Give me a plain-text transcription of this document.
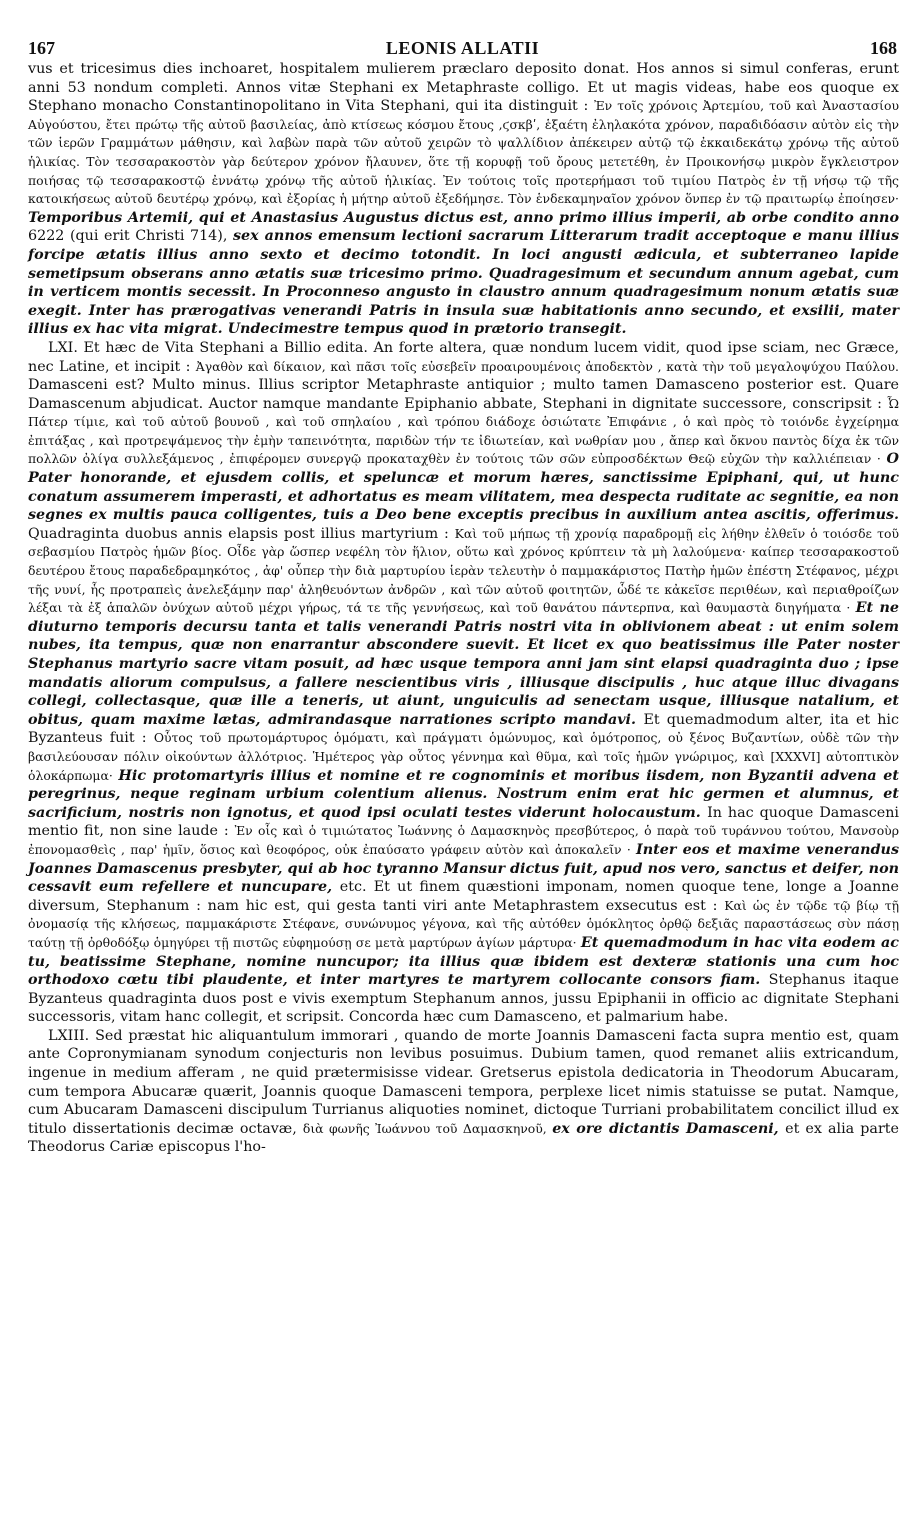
167	LEONIS ALLATII	168

vus et tricesimus dies inchoaret, hospitalem mulierem præclaro deposito donat. Hos annos si simul conferas, erunt anni 53 nondum completi. Annos vitæ Stephani ex Metaphraste colligo. Et ut magis videas, habe eos quoque ex Stephano monacho Constantinopolitano in Vita Stephani, qui ita distinguit : Ἐν τοῖς χρόνοις Ἀρτεμίου, τοῦ καὶ Ἀναστασίου Αὐγούστου, ἔτει πρώτῳ τῆς αὐτοῦ βασιλείας, ἀπὸ κτίσεως κόσμου ἔτους ,ϛσκβʹ, ἑξαέτη ἐληλακότα χρόνον, παραδιδόασιν αὐτὸν εἰς τὴν τῶν ἱερῶν Γραμμάτων μάθησιν, καὶ λαβὼν παρὰ τῶν αὐτοῦ χειρῶν τὸ ψαλλίδιον ἀπέκειρεν αὐτῷ τῷ ἐκκαιδεκάτῳ χρόνῳ τῆς αὐτοῦ ἡλικίας. Τὸν τεσσαρακοστὸν γὰρ δεύτερον χρόνον ἤλαυνεν, ὅτε τῇ κορυφῇ τοῦ ὄρους μετετέθη, ἐν Προικονήσῳ μικρὸν ἔγκλειστρον ποιήσας τῷ τεσσαρακοστῷ ἐννάτῳ χρόνῳ τῆς αὐτοῦ ἡλικίας. Ἐν τούτοις τοῖς προτερήμασι τοῦ τιμίου Πατρὸς ἐν τῇ νήσῳ τῷ τῆς κατοικήσεως αὐτοῦ δευτέρῳ χρόνῳ, καὶ ἐξορίας ἡ μήτηρ αὐτοῦ ἐξεδήμησε. Τὸν ἑνδεκαμηναῖον χρόνον ὅνπερ ἐν τῷ πραιτωρίῳ ἐποίησεν· Temporibus Artemii, qui et Anastasius Augustus dictus est, anno primo illius imperii, ab orbe condito anno 6222 (qui erit Christi 714), sex annos emensum lectioni sacrarum Litterarum tradit acceptoque e manu illius forcipe ætatis illius anno sexto et decimo totondit. In loci angusti ædicula, et subterraneo lapide semetipsum obserans anno ætatis suæ tricesimo primo. Quadragesimum et secundum annum agebat, cum in verticem montis secessit. In Proconneso angusto in claustro annum quadragesimum nonum ætatis suæ exegit. Inter has prærogativas venerandi Patris in insula suæ habitationis anno secundo, et exsilii, mater illius ex hac vita migrat. Undecimestre tempus quod in prætorio transegit.

LXI. Et hæc de Vita Stephani a Billio edita. An forte altera, quæ nondum lucem vidit, quod ipse sciam, nec Græce, nec Latine, et incipit : Ἀγαθὸν καὶ δίκαιον, καὶ πᾶσι τοῖς εὐσεβεῖν προαιρουμένοις ἀποδεκτὸν , κατὰ τὴν τοῦ μεγαλοψύχου Παύλου. Damasceni est? Multo minus. Illius scriptor Metaphraste antiquior ; multo tamen Damasceno posterior est. Quare Damascenum abjudicat. Auctor namque mandante Epiphanio abbate, Stephani in dignitate successore, conscripsit : Ὦ Πάτερ τίμιε, καὶ τοῦ αὐτοῦ βουνοῦ , καὶ τοῦ σπηλαίου , καὶ τρόπου διάδοχε ὁσιώτατε Ἐπιφάνιε , ὁ καὶ πρὸς τὸ τοιόνδε ἐγχείρημα ἐπιτάξας , καὶ προτρεψάμενος τὴν ἐμὴν ταπεινότητα, παριδὼν τήν τε ἰδιωτείαν, καὶ νωθρίαν μου , ἄπερ καὶ ὄκνου παντὸς δίχα ἐκ τῶν πολλῶν ὀλίγα συλλεξάμενος , ἐπιφέρομεν συνεργῷ προκαταχθὲν ἐν τούτοις τῶν σῶν εὐπροσδέκτων Θεῷ εὐχῶν τὴν καλλιέπειαν · O Pater honorande, et ejusdem collis, et speluncæ et morum hæres, sanctissime Epiphani, qui, ut hunc conatum assumerem imperasti, et adhortatus es meam vilitatem, mea despecta ruditate ac segnitie, ea non segnes ex multis pauca colligentes, tuis a Deo bene exceptis precibus in auxilium antea ascitis, offerimus. Quadraginta duobus annis elapsis post illius martyrium : Καὶ τοῦ μήπως τῇ χρονίᾳ παραδρομῇ εἰς λήθην ἐλθεῖν ὁ τοιόσδε τοῦ σεβασμίου Πατρὸς ἡμῶν βίος. Οἶδε γὰρ ὥσπερ νεφέλη τὸν ἥλιον, οὕτω καὶ χρόνος κρύπτειν τὰ μὴ λαλούμενα· καίπερ τεσσαρακοστοῦ δευτέρου ἔτους παραδεδραμηκότος , ἀφ' οὗπερ τὴν διὰ μαρτυρίου ἱερὰν τελευτὴν ὁ παμμακάριστος Πατὴρ ἡμῶν ἐπέστη Στέφανος, μέχρι τῆς νυνί, ἧς προτραπεὶς ἀνελεξάμην παρ' ἀληθευόντων ἀνδρῶν , καὶ τῶν αὐτοῦ φοιτητῶν, ὧδέ τε κἀκεῖσε περιθέων, καὶ περιαθροίζων λέξαι τὰ ἐξ ἁπαλῶν ὀνύχων αὐτοῦ μέχρι γήρως, τά τε τῆς γεννήσεως, καὶ τοῦ θανάτου πάντερπνα, καὶ θαυμαστὰ διηγήματα · Et ne diuturno temporis decursu tanta et talis venerandi Patris nostri vita in oblivionem abeat : ut enim solem nubes, ita tempus, quæ non enarrantur abscondere suevit. Et licet ex quo beatissimus ille Pater noster Stephanus martyrio sacre vitam posuit, ad hæc usque tempora anni jam sint elapsi quadraginta duo ; ipse mandatis aliorum compulsus, a fallere nescientibus viris , illiusque discipulis , huc atque illuc divagans collegi, collectasque, quæ ille a teneris, ut aiunt, unguiculis ad senectam usque, illiusque natalium, et obitus, quam maxime lætas, admirandasque narrationes scripto mandavi. Et quemadmodum alter, ita et hic Byzanteus fuit : Οὗτος τοῦ πρωτομάρτυρος ὁμόματι, καὶ πράγματι ὁμώνυμος, καὶ ὁμότροπος, οὐ ξένος Βυζαντίων, οὐδὲ τῶν τὴν βασιλεύουσαν πόλιν οἰκούντων ἀλλότριος. Ἡμέτερος γὰρ οὗτος γέννημα καὶ θῦμα, καὶ τοῖς ἡμῶν γνώριμος, καὶ [XXXVI] αὐτοπτικὸν ὁλοκάρπωμα· Hic protomartyris illius et nomine et re cognominis et moribus iisdem, non Byzantii advena et peregrinus, neque reginam urbium colentium alienus. Nostrum enim erat hic germen et alumnus, et sacrificium, nostris non ignotus, et quod ipsi oculati testes viderunt holocaustum. In hac quoque Damasceni mentio fit, non sine laude : Ἐν οἷς καὶ ὁ τιμιώτατος Ἰωάννης ὁ Δαμασκηνὸς πρεσβύτερος, ὁ παρὰ τοῦ τυράννου τούτου, Μανσοὺρ ἐπονομασθεὶς , παρ' ἡμῖν, ὅσιος καὶ θεοφόρος, οὐκ ἐπαύσατο γράφειν αὐτὸν καὶ ἀποκαλεῖν · Inter eos et maxime venerandus Joannes Damascenus presbyter, qui ab hoc tyranno Mansur dictus fuit, apud nos vero, sanctus et deifer, non cessavit eum refellere et nuncupare, etc. Et ut finem quæstioni imponam, nomen quoque tene, longe a Joanne diversum, Stephanum : nam hic est, qui gesta tanti viri ante Metaphrastem exsecutus est : Καὶ ὡς ἐν τῷδε τῷ βίῳ τῇ ὀνομασίᾳ τῆς κλήσεως, παμμακάριστε Στέφανε, συνώνυμος γέγονα, καὶ τῆς αὐτόθεν ὁμόκλητος ὀρθῷ δεξιᾶς παραστάσεως σὺν πάσῃ ταύτῃ τῇ ὀρθοδόξῳ ὁμηγύρει τῇ πιστῶς εὐφημούσῃ σε μετὰ μαρτύρων ἁγίων μάρτυρα· Et quemadmodum in hac vita eodem ac tu, beatissime Stephane, nomine nuncupor; ita illius quæ ibidem est dexteræ stationis una cum hoc orthodoxo cœtu tibi plaudente, et inter martyres te martyrem collocante consors fiam. Stephanus itaque Byzanteus quadraginta duos post e vivis exemptum Stephanum annos, jussu Epiphanii in officio ac dignitate Stephani successoris, vitam hanc collegit, et scripsit. Concorda hæc cum Damasceno, et palmarium habe.

LXIII. Sed præstat hic aliquantulum immorari , quando de morte Joannis Damasceni facta supra mentio est, quam ante Copronymianam synodum conjecturis non levibus posuimus. Dubium tamen, quod remanet aliis extricandum, ingenue in medium afferam , ne quid prætermisisse videar. Gretserus epistola dedicatoria in Theodorum Abucaram, cum tempora Abucaræ quærit, Joannis quoque Damasceni tempora, perplexe licet nimis statuisse se putat. Namque, cum Abucaram Damasceni discipulum Turrianus aliquoties nominet, dictoque Turriani probabilitatem concilict illud ex titulo dissertationis decimæ octavæ, διὰ φωνῆς Ἰωάννου τοῦ Δαμασκηνοῦ, ex ore dictantis Damasceni, et ex alia parte Theodorus Cariæ episcopus l'ho-
